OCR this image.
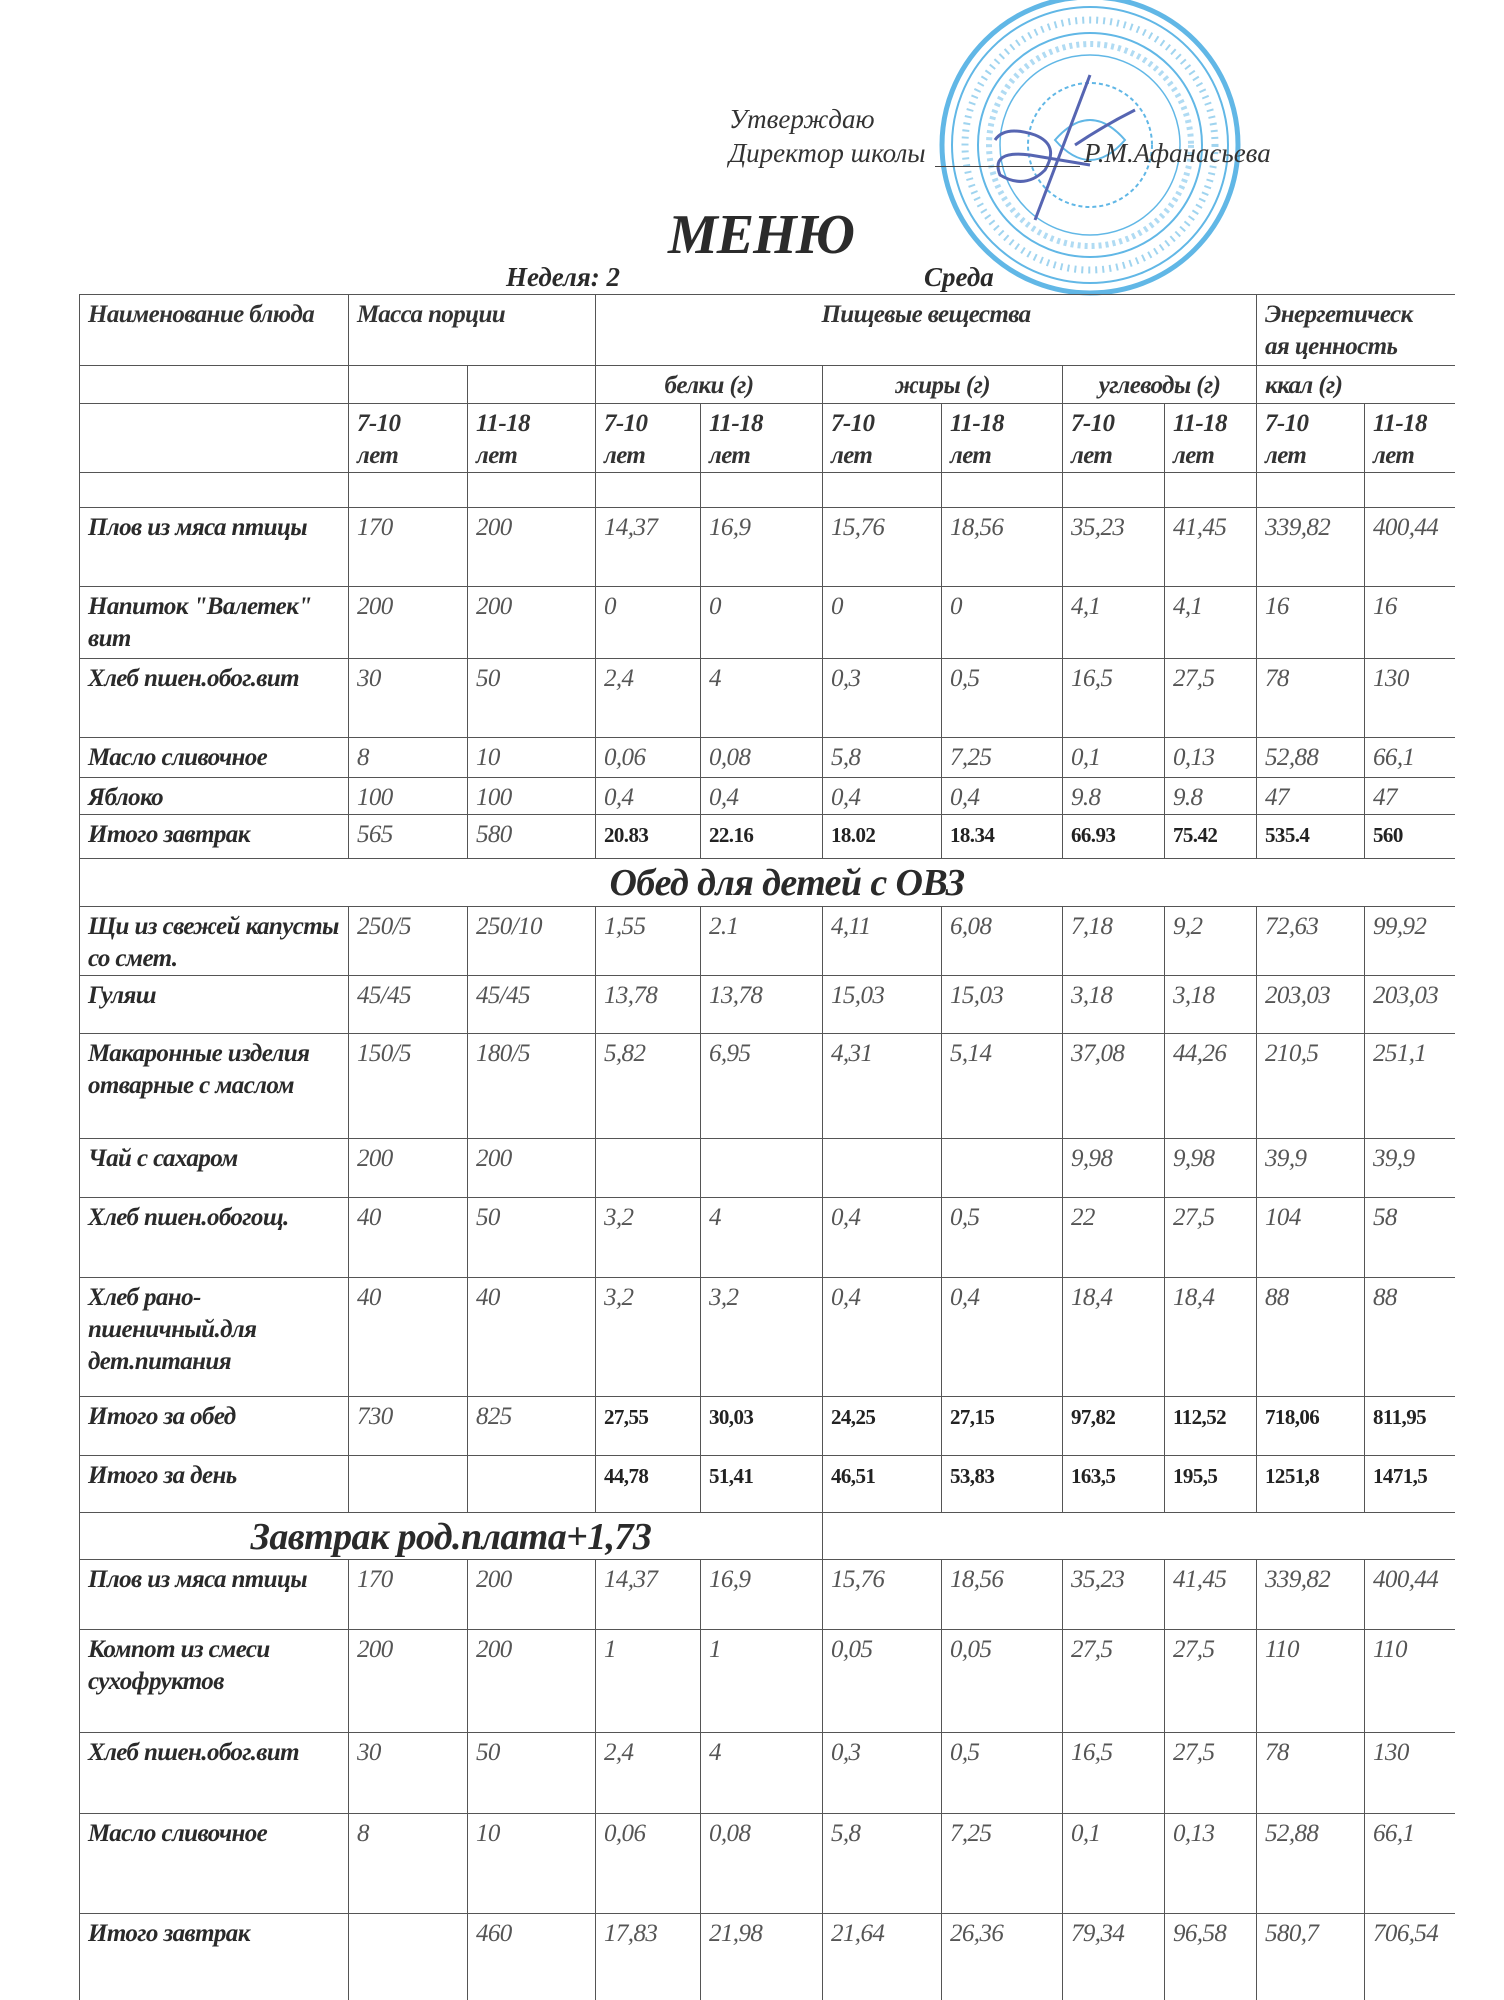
Утверждаю
Директор школы	Р.М.Афанасьева
МЕНЮ
Неделя: 2	Среда
Наименование блюда	Масса порции		Пищевые вещества						Энергетическ
ая ценность	
			белки (г)		жиры (г)		углеводы (г)		ккал (г)	
	7-10 лет	11-18 лет	7-10 лет	11-18 лет	7-10 лет	11-18 лет	7-10 лет	11-18 лет	7-10 лет	11-18 лет

Плов из мяса птицы	170	200	14,37	16,9	15,76	18,56	35,23	41,45	339,82	400,44
Напиток "Валетек" вит	200	200	0	0	0	0	4,1	4,1	16	16
Хлеб пшен.обог.вит	30	50	2,4	4	0,3	0,5	16,5	27,5	78	130
Масло сливочное	8	10	0,06	0,08	5,8	7,25	0,1	0,13	52,88	66,1
Яблоко	100	100	0,4	0,4	0,4	0,4	9.8	9.8	47	47
Итого завтрак	565	580	20.83	22.16	18.02	18.34	66.93	75.42	535.4	560
Обед для детей с ОВЗ										
Щи из свежей капусты со смет.	250/5	250/10	1,55	2.1	4,11	6,08	7,18	9,2	72,63	99,92
Гуляш	45/45	45/45	13,78	13,78	15,03	15,03	3,18	3,18	203,03	203,03
Макаронные изделия отварные с маслом	150/5	180/5	5,82	6,95	4,31	5,14	37,08	44,26	210,5	251,1
Чай с сахаром	200	200					9,98	9,98	39,9	39,9
Хлеб пшен.обогощ.	40	50	3,2	4	0,4	0,5	22	27,5	104	58
Хлеб рано-пшеничный.для дет.питания	40	40	3,2	3,2	0,4	0,4	18,4	18,4	88	88
Итого за обед	730	825	27,55	30,03	24,25	27,15	97,82	112,52	718,06	811,95
Итого за день			44,78	51,41	46,51	53,83	163,5	195,5	1251,8	1471,5
Завтрак род.плата+1,73										
Плов из мяса птицы	170	200	14,37	16,9	15,76	18,56	35,23	41,45	339,82	400,44
Компот из смеси сухофруктов	200	200	1	1	0,05	0,05	27,5	27,5	110	110
Хлеб пшен.обог.вит	30	50	2,4	4	0,3	0,5	16,5	27,5	78	130
Масло сливочное	8	10	0,06	0,08	5,8	7,25	0,1	0,13	52,88	66,1
Итого завтрак		460	17,83	21,98	21,64	26,36	79,34	96,58	580,7	706,54
